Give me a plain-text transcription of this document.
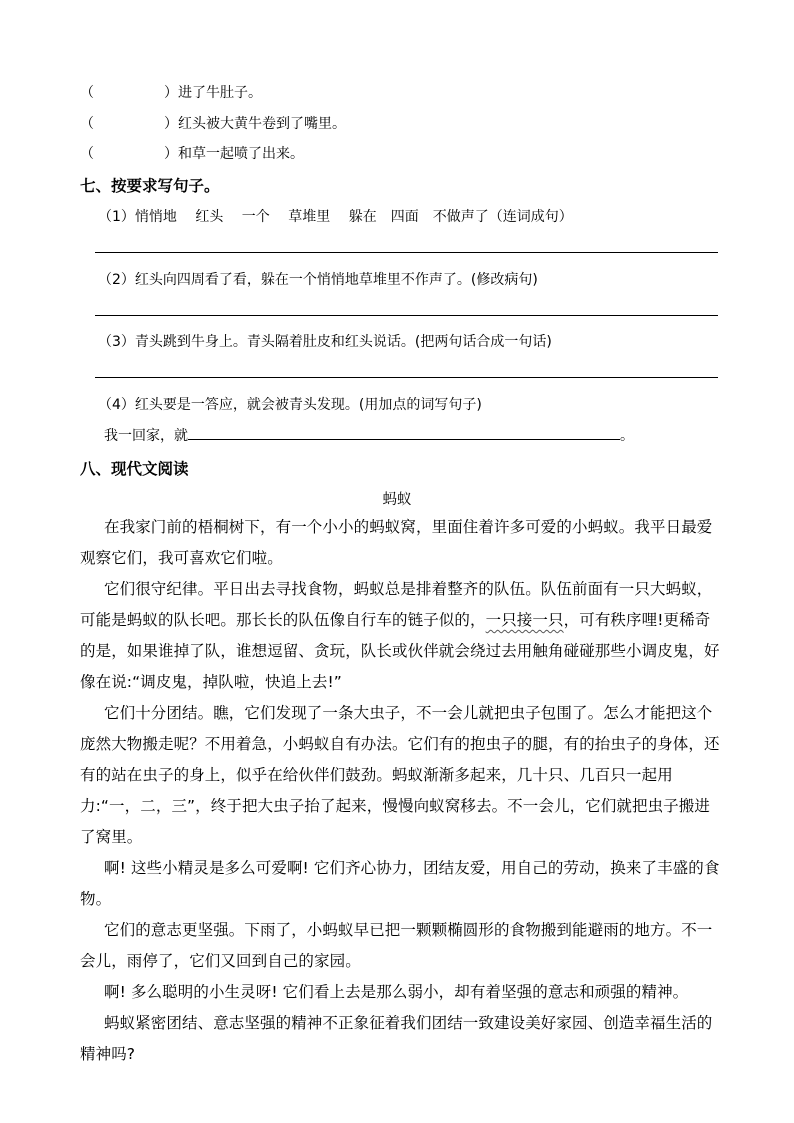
（	）进了牛肚子。
（	）红头被大黄牛卷到了嘴里。
（	）和草一起喷了出来。
七、按要求写句子。
（1）悄悄地　 红头　 一个　 草堆里　 躲在　四面　不做声了（连词成句）
（2）红头向四周看了看，躲在一个悄悄地草堆里不作声了。(修改病句)
（3）青头跳到牛身上。青头隔着肚皮和红头说话。(把两句话合成一句话)
（4）红头要是一答应，就会被青头发现。(用加点的词写句子)
我一回家，就	。
八、现代文阅读
蚂蚁

在我家门前的梧桐树下，有一个小小的蚂蚁窝，里面住着许多可爱的小蚂蚁。我平日最爱观察它们，我可喜欢它们啦。

它们很守纪律。平日出去寻找食物，蚂蚁总是排着整齐的队伍。队伍前面有一只大蚂蚁，可能是蚂蚁的队长吧。那长长的队伍像自行车的链子似的，一只接一只，可有秩序哩!更稀奇的是，如果谁掉了队，谁想逗留、贪玩，队长或伙伴就会绕过去用触角碰碰那些小调皮鬼，好像在说:“调皮鬼，掉队啦，快追上去!”

它们十分团结。瞧，它们发现了一条大虫子，不一会儿就把虫子包围了。怎么才能把这个庞然大物搬走呢？不用着急，小蚂蚁自有办法。它们有的抱虫子的腿，有的抬虫子的身体，还有的站在虫子的身上，似乎在给伙伴们鼓劲。蚂蚁渐渐多起来，几十只、几百只一起用力:“一，二，三”，终于把大虫子抬了起来，慢慢向蚁窝移去。不一会儿，它们就把虫子搬进了窝里。

啊! 这些小精灵是多么可爱啊! 它们齐心协力，团结友爱，用自己的劳动，换来了丰盛的食物。

它们的意志更坚强。下雨了，小蚂蚁早已把一颗颗椭圆形的食物搬到能避雨的地方。不一会儿，雨停了，它们又回到自己的家园。

啊! 多么聪明的小生灵呀! 它们看上去是那么弱小，却有着坚强的意志和顽强的精神。

蚂蚁紧密团结、意志坚强的精神不正象征着我们团结一致建设美好家园、创造幸福生活的精神吗?
